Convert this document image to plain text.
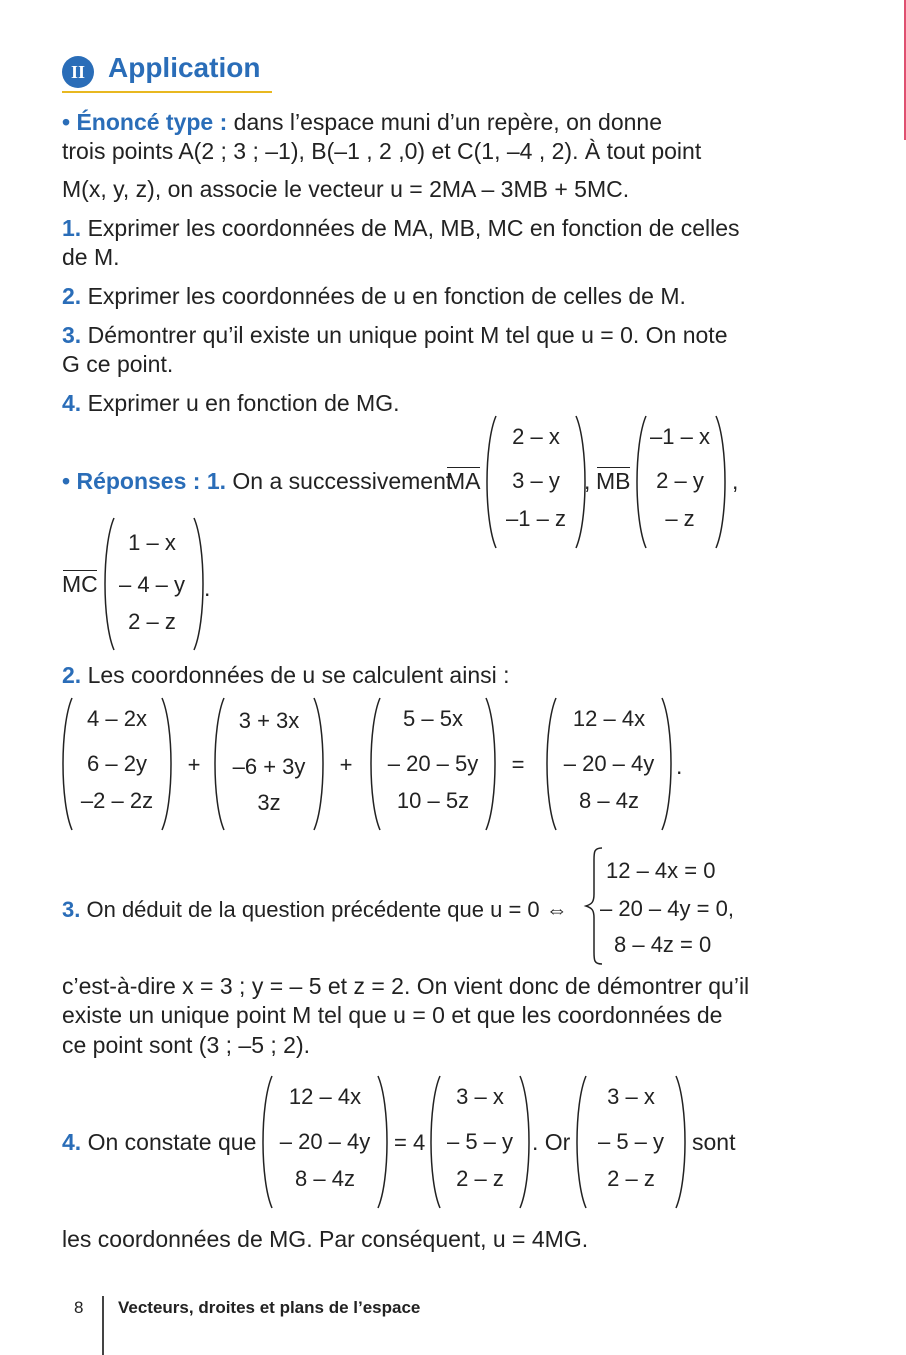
II Application
• Énoncé type : dans l’espace muni d’un repère, on donne
trois points A(2 ; 3 ; –1), B(–1 , 2 ,0) et C(1, –4 , 2). À tout point
M(x, y, z), on associe le vecteur u = 2MA – 3MB + 5MC.
1. Exprimer les coordonnées de MA, MB, MC en fonction de celles
de M.
2. Exprimer les coordonnées de u en fonction de celles de M.
3. Démontrer qu’il existe un unique point M tel que u = 0. On note
G ce point.
4. Exprimer u en fonction de MG.
• Réponses : 1. On a successivement
MA
2 – x
3 – y
–1 – z
, MB
–1 – x
2 – y
– z
,
MC
1 – x
– 4 – y
2 – z
.
2. Les coordonnées de u se calculent ainsi :
4 – 2x
6 – 2y
–2 – 2z
+
3 + 3x
–6 + 3y
3z
+
5 – 5x
– 20 – 5y
10 – 5z
=
12 – 4x
– 20 – 4y
8 – 4z
.
3. On déduit de la question précédente que u = 0 ⇔
12 – 4x = 0
– 20 – 4y = 0,
8 – 4z = 0
c’est-à-dire x = 3 ; y = – 5 et z = 2. On vient donc de démontrer qu’il
existe un unique point M tel que u = 0 et que les coordonnées de
ce point sont (3 ; –5 ; 2).
4. On constate que
12 – 4x
– 20 – 4y
8 – 4z
= 4
3 – x
– 5 – y
2 – z
. Or
3 – x
– 5 – y
2 – z
sont
les coordonnées de MG. Par conséquent, u = 4MG.
8 Vecteurs, droites et plans de l’espace
